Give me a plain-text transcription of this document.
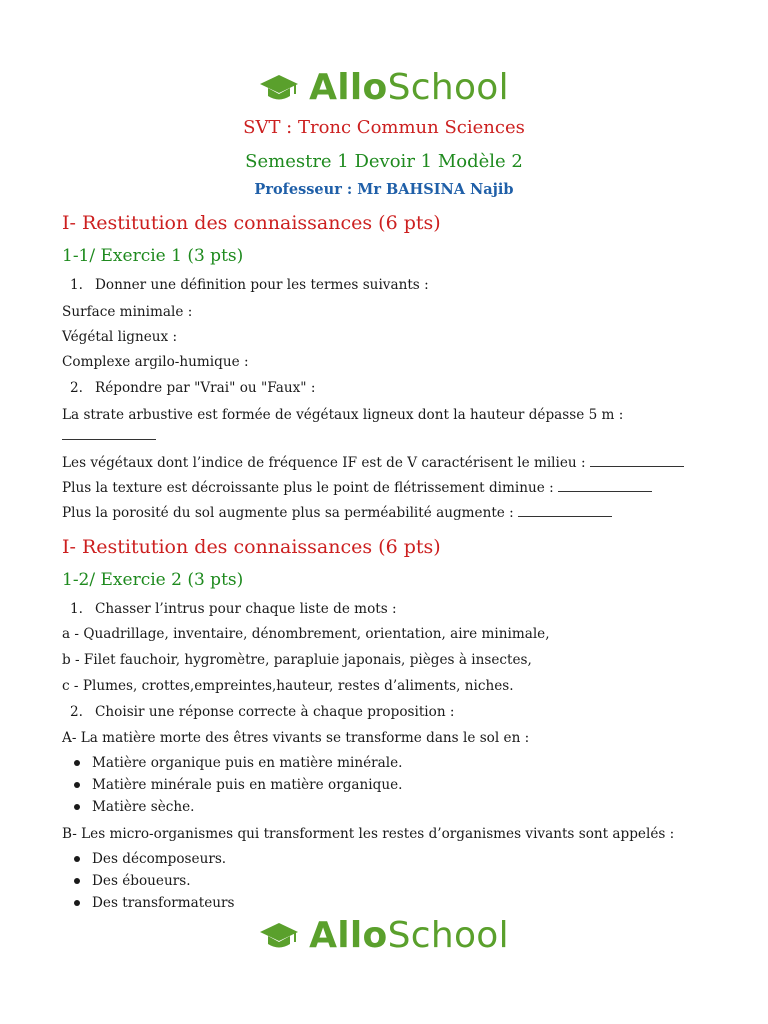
AlloSchool
SVT : Tronc Commun Sciences
Semestre 1 Devoir 1 Modèle 2
Professeur : Mr BAHSINA Najib
I- Restitution des connaissances (6 pts)
1-1/ Exercie 1 (3 pts)
1. Donner une définition pour les termes suivants :
Surface minimale :
Végétal ligneux :
Complexe argilo-humique :
2. Répondre par "Vrai" ou "Faux" :
La strate arbustive est formée de végétaux ligneux dont la hauteur dépasse 5 m :
Les végétaux dont l’indice de fréquence IF est de V caractérisent le milieu :
Plus la texture est décroissante plus le point de flétrissement diminue :
Plus la porosité du sol augmente plus sa perméabilité augmente :
I- Restitution des connaissances (6 pts)
1-2/ Exercie 2 (3 pts)
1. Chasser l’intrus pour chaque liste de mots :
a - Quadrillage, inventaire, dénombrement, orientation, aire minimale,
b - Filet fauchoir, hygromètre, parapluie japonais, pièges à insectes,
c - Plumes, crottes,empreintes,hauteur, restes d’aliments, niches.
2. Choisir une réponse correcte à chaque proposition :
A- La matière morte des êtres vivants se transforme dans le sol en :
Matière organique puis en matière minérale.
Matière minérale puis en matière organique.
Matière sèche.
B- Les micro-organismes qui transforment les restes d’organismes vivants sont appelés :
Des décomposeurs.
Des éboueurs.
Des transformateurs
AlloSchool
